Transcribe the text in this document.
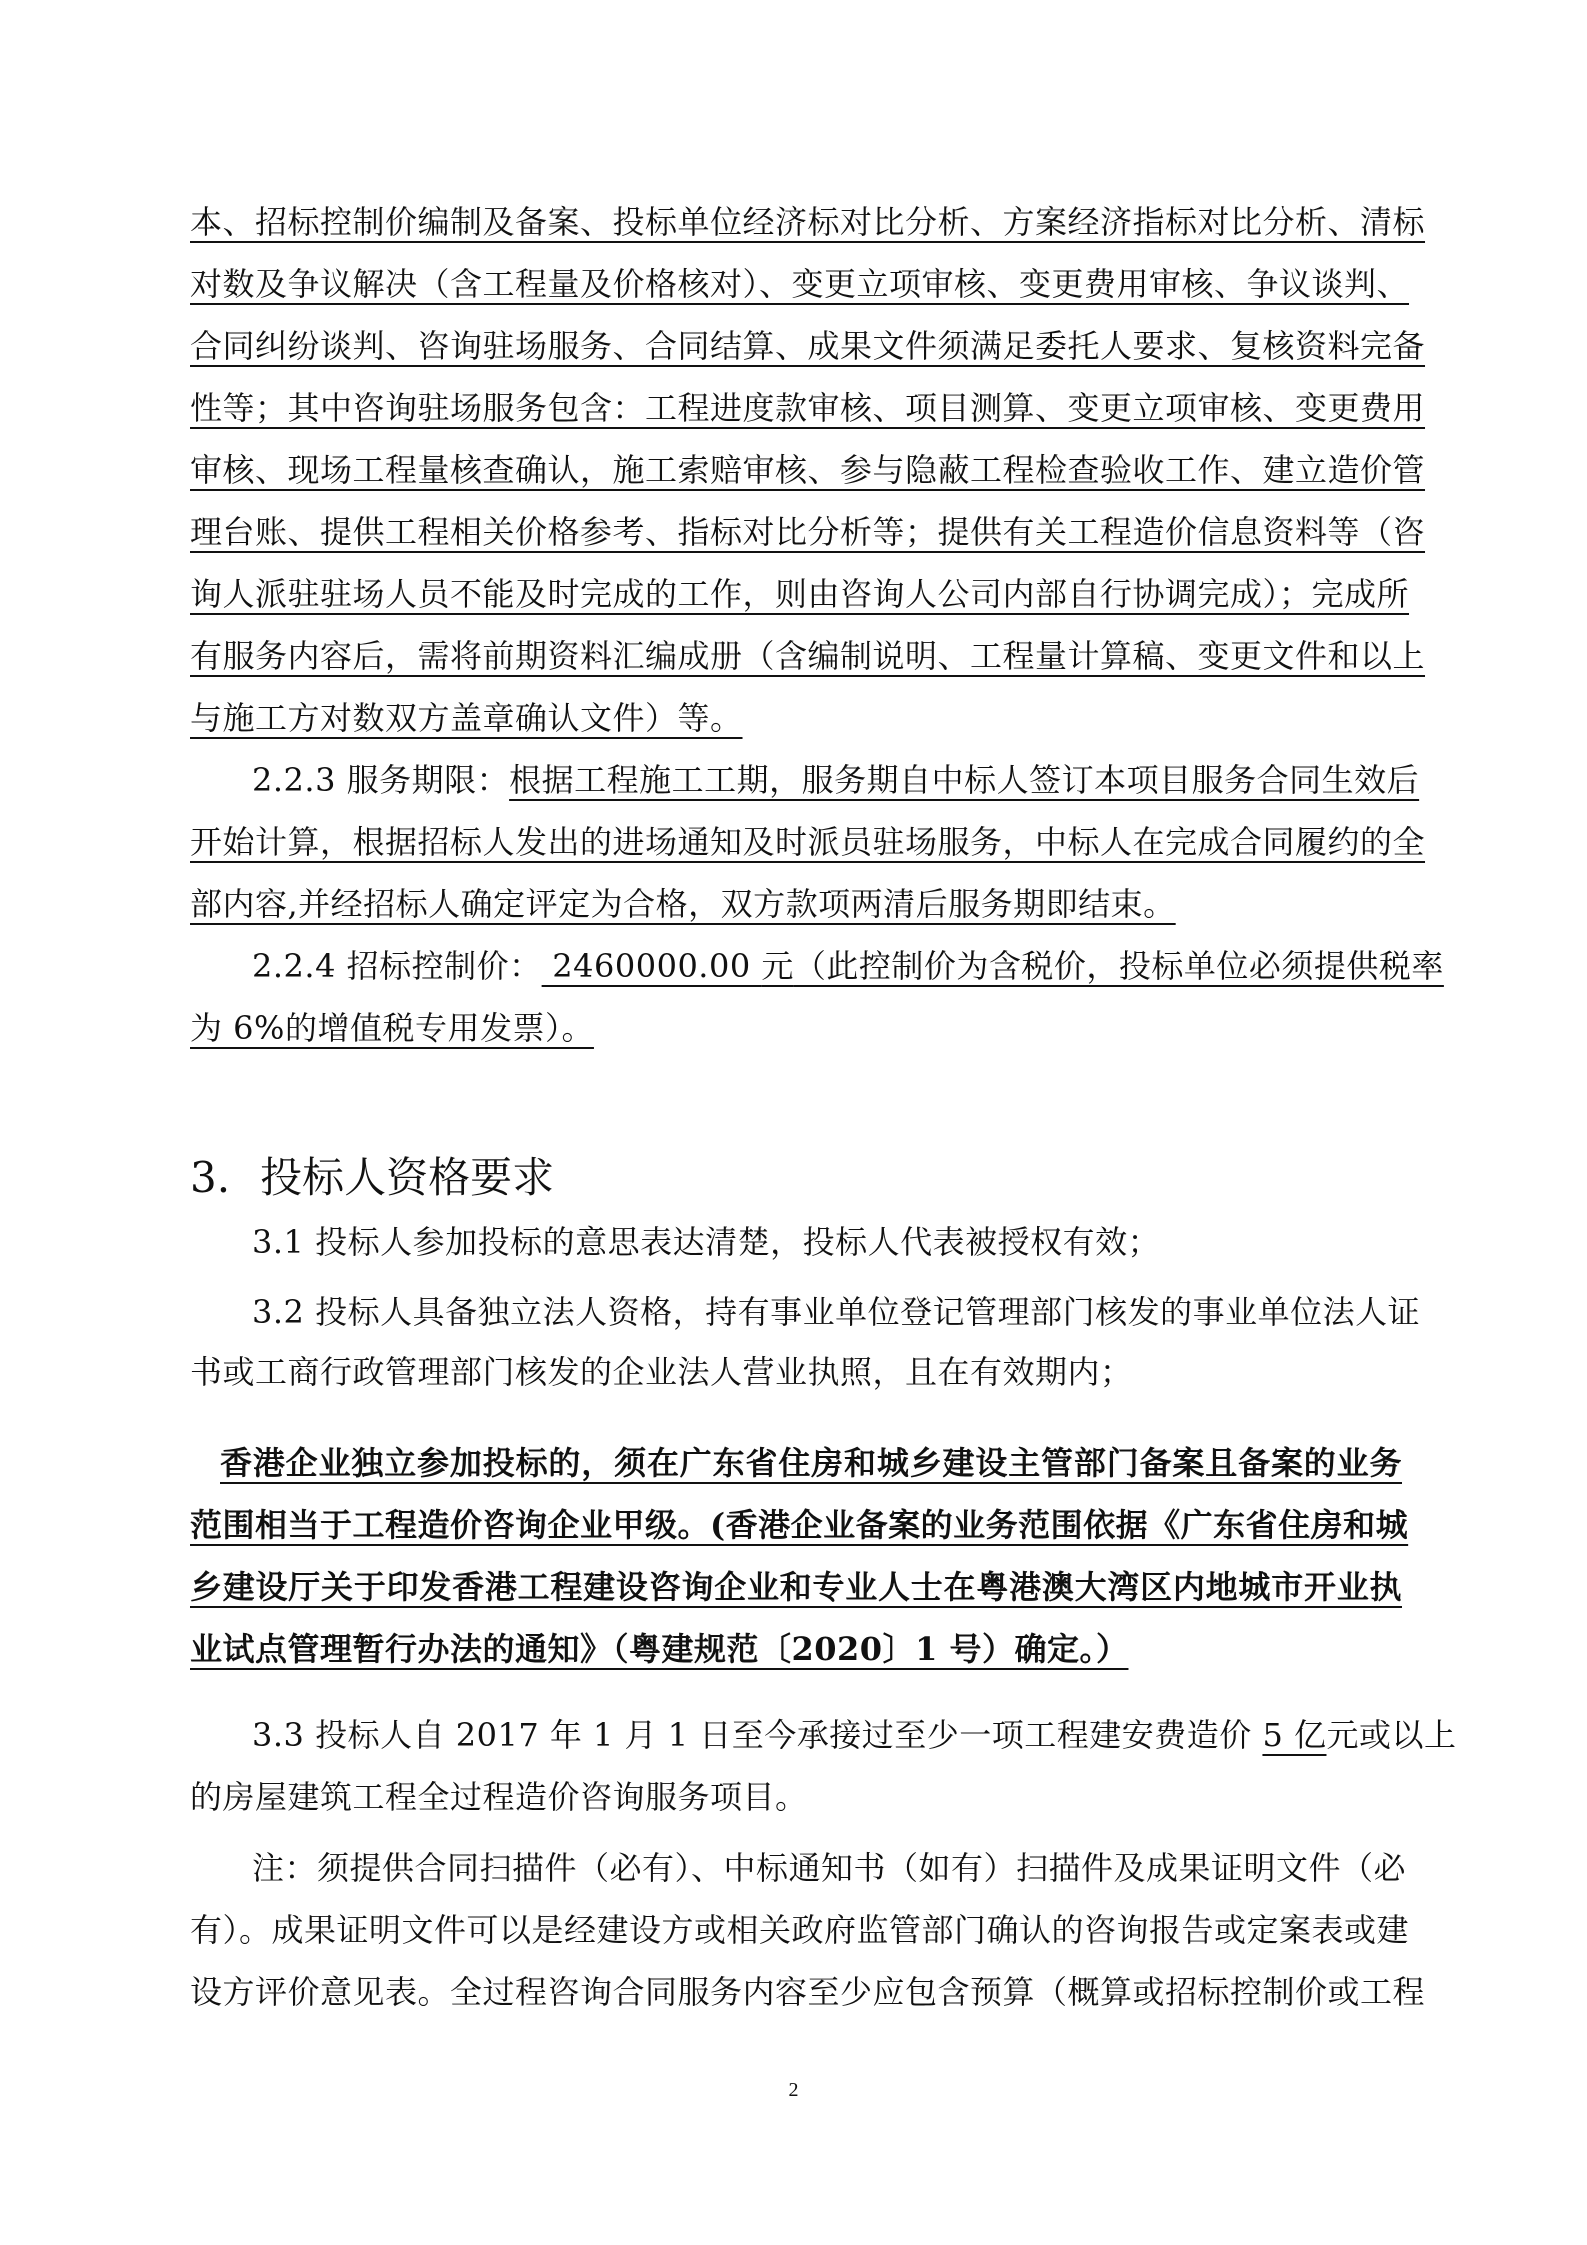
本、招标控制价编制及备案、投标单位经济标对比分析、方案经济指标对比分析、清标
对数及争议解决（含工程量及价格核对）、变更立项审核、变更费用审核、争议谈判、
合同纠纷谈判、咨询驻场服务、合同结算、成果文件须满足委托人要求、复核资料完备
性等；其中咨询驻场服务包含：工程进度款审核、项目测算、变更立项审核、变更费用
审核、现场工程量核查确认，施工索赔审核、参与隐蔽工程检查验收工作、建立造价管
理台账、提供工程相关价格参考、指标对比分析等；提供有关工程造价信息资料等（咨
询人派驻驻场人员不能及时完成的工作，则由咨询人公司内部自行协调完成）；完成所
有服务内容后，需将前期资料汇编成册（含编制说明、工程量计算稿、变更文件和以上
与施工方对数双方盖章确认文件）等。
2.2.3 服务期限： 根据工程施工工期，服务期自中标人签订本项目服务合同生效后
开始计算，根据招标人发出的进场通知及时派员驻场服务，中标人在完成合同履约的全
部内容,并经招标人确定评定为合格，双方款项两清后服务期即结束。
2.2.4 招标控制价： 2460000.00 元 （此控制价为含税价，投标单位必须提供税率
为 6%的增值税专用发票）。
3. 投标人资格要求
3.1 投标人参加投标的意思表达清楚，投标人代表被授权有效；
3.2 投标人具备独立法人资格，持有事业单位登记管理部门核发的事业单位法人证
书或工商行政管理部门核发的企业法人营业执照，且在有效期内；
香港企业独立参加投标的，须在广东省住房和城乡建设主管部门备案且备案的业务
范围相当于工程造价咨询企业甲级。(香港企业备案的业务范围依据《广东省住房和城
乡建设厅关于印发香港工程建设咨询企业和专业人士在粤港澳大湾区内地城市开业执
业试点管理暂行办法的通知》（粤建规范〔2020〕1 号）确定。）
3.3 投标人自 2017 年 1 月 1 日至今承接过至少一项工程建安费造价 5 亿元或以上
的房屋建筑工程全过程造价咨询服务项目。
注：须提供合同扫描件（必有）、中标通知书（如有）扫描件及成果证明文件（必
有）。成果证明文件可以是经建设方或相关政府监管部门确认的咨询报告或定案表或建
设方评价意见表。全过程咨询合同服务内容至少应包含预算（概算或招标控制价或工程
2
